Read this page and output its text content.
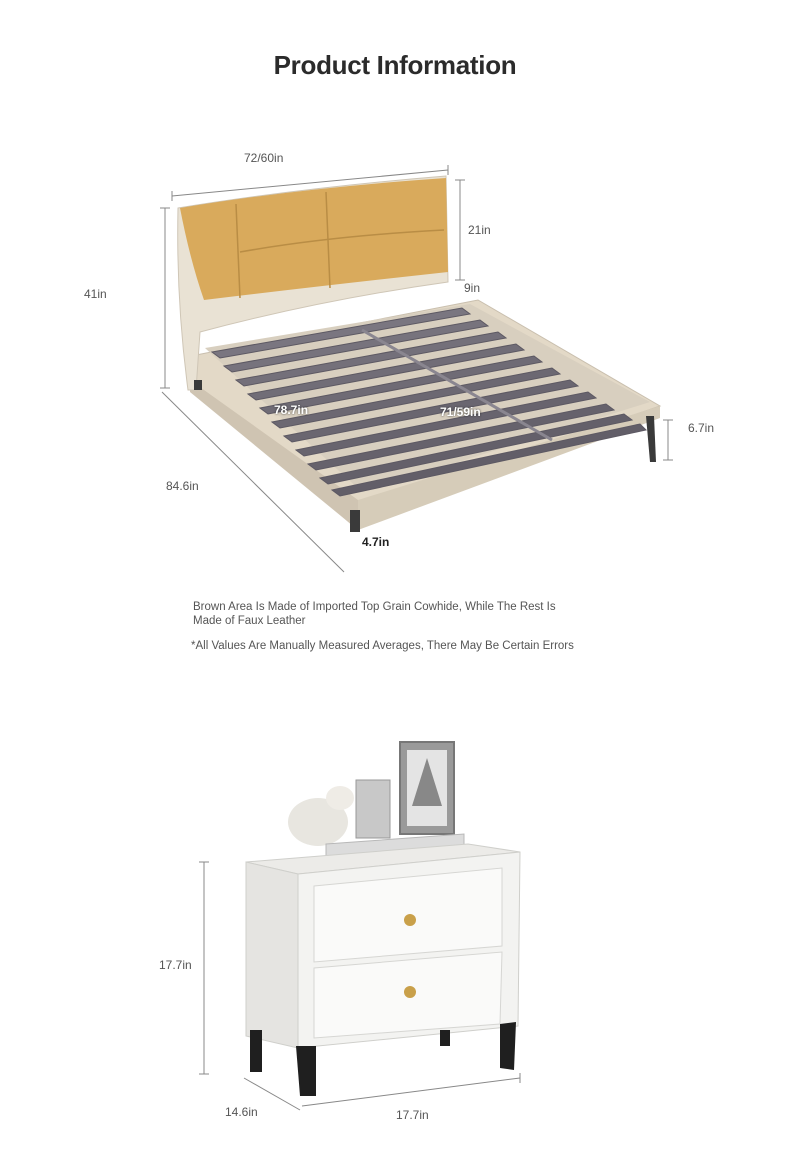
Product Information
72/60in
21in
9in
41in
84.6in
78.7in	71/59in
6.7in
4.7in
Brown Area Is Made of Imported Top Grain Cowhide, While The Rest Is Made of Faux Leather
*All Values Are Manually Measured Averages, There May Be Certain Errors
17.7in
14.6in	17.7in
